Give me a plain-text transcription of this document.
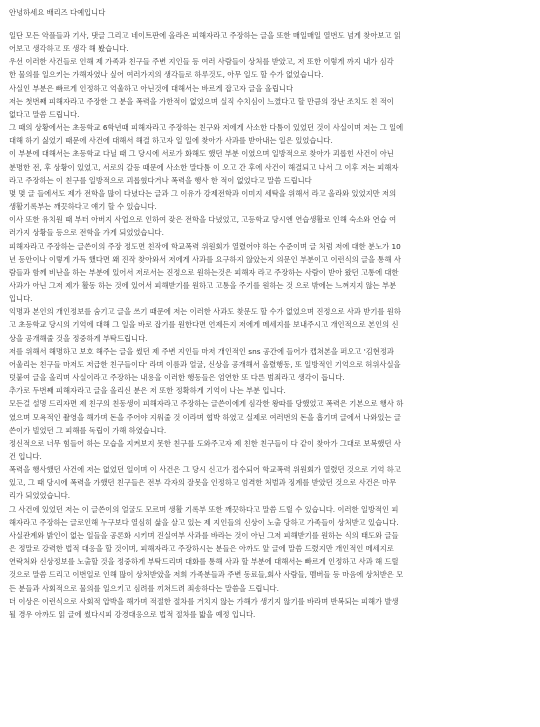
안녕하세요 배리즈 다예입니다

일단 모든 악플들과 기사, 댓글 그리고 네이트판에 올라온 피해자라고 주장하는 글을 또한 매일매일 열번도 넘게 찾아보고 읽
어보고 생각하고 또 생각 해 봤습니다.
우선 이러한 사건들로 인해 제 가족과 친구들 주변 지인들 등 여러 사람들이 상처를 받았고, 저 또한 이렇게 까지 내가 심각
한 물의를 일으키는 가해자였나 싶어 여러가지의 생각들로 하루것도, 아무 일도 할 수가 없었습니다.
사실인 부분은 빠르게 인정하고 억울하고 아닌것에 대해서는 바르게 잡고자 글을 올립니다
저는 첫번째 피해자라고 주장한 그 분을 폭력을 가한적이 없었으며 실직 수치심이 느꼈다고 할 만큼의 장난 조치도 친 적이
없다고 말씀 드립니다.
그 때의 상황에서는 초등학교 6학년때 피해자라고 주장하는 친구와 저에게 사소한 다툼이 있었던 것이 사실이며 저는 그 일에
대해 하기 싫었기 때문에 사건에 대해서 해결 하고자 일 일에 찾아가 사과를 받아내는 일은 있었습니다.
이 부분에 대해서는 초등학교 다닐 때 그 당시에 서로가 화해도 했던 부분 이였으며 일방적으로 찾아가 괴롭힌 사건이 아닌
분명한 전, 후 상황이 있었고, 서로의 갈등 때문에 사소한 말다툼 이 오고 간 후에 사건이 해결되고 나서 그 이후 저는 피해자
라고 주장하는 이 친구를 일방적으로 괴롭혔다거나 폭력을 행사 한 적이 없었다고 말씀 드립니다
몇 몇 글 들에서도 제가 전학을 많이 다녔다는 글과 그 이유가 강제전학과 이미지 세탁을 위해서 라고 올라와 있었지만 저의
생활기록부는 깨끗하다고 얘기 할 수 있습니다.
이사 또한 유치원 때 부터 아버지 사업으로 인하여 잦은 전학을 다녔었고, 고등학교 당시엔 연습생활로 인해 숙소와 연습 여
러가지 상황들 등으로 전학을 가게 되었었습니다.
피해자라고 주장하는 글쓴이의 주장 정도면 친작에 학교폭력 위원회가 열렸어야 하는 수준이며 글 처럼 저에 대한 분노가 10
년 동안이나 이렇게 가득 했다면 왜 진작 찾아와서 저에게 사과를 요구하지 않았는지 의문인 부분이고 이런식의 글을 통해 사
람들과 함께 비난을 하는 부분에 있어서 저로서는 진정으로 원하는것은 피해자 라고 주장하는 사람이 받아 왔던 고통에 대한
사과가 아닌 그저 제가 활동 하는 것에 있어서 피해받기를 원하고 고통을 주기를 원하는 것 으로 밖에는 느껴지지 않는 부분
입니다.
익명과 본인의 개인정보를 숨기고 글을 쓰기 때문에 저는 이러한 사과도 찾문도 할 수가 없었으며 진정으로 사과 받기를 원하
고 초등학교 당시의 기억에 대해 그 일을 바로 잡기를 원한다면 언제든지 저에게 메세지를 보내주시고 개인적으로 본인의 신
상을 공개해줄 것을 정중하게 부탁드립니다.
저를 위해서 해명하고 보호 해주는 글을 썼던 제 주변 지인들 마저 개인적인 sns 공간에 들어가 캡쳐본을 퍼오고 '김현정과
어울리는 친구들 마저도 저급한 친구들이다' 라며 이름과 얼굴, 신상을 공개해서 올렸행동, 또 일방적인 기억으로 허위사실을
덧붙여 글을 올리며 사실이라고 주장하는 내용을 이러한 행동들은 엄연한 또 다른 범죄라고 생각이 듭니다.
추가로 두번째 피해자라고 글을 올리신 분은 저 또한 정확하게 기억이 나는 부분 입니다.
모든걸 설명 드리자면 제 친구의 친동생이 피해자라고 주장하는 글쓴이에게 심각한 왕따를 당했었고 폭력은 기본으로 행사 하
였으며 모욕적인 촬영을 해가며 돈을 주어야 지워줄 것 이라며 협박 하였고 실제로 여러번의 돈을 흡기며 글에서 나와있는 글
쓴이가 빌었던 그 피해를 독립이 가해 하였습니다.
정신적으로 너무 힘들어 하는 모습을 지켜보지 못한 친구를 도와주고자 제 친한 친구들이 다 같이 찾아가 그대로 보복했던 사
건 입니다.
폭력을 행사했던 사건에 저는 없었던 일이며 이 사건은 그 당시 신고가 접수되어 학교폭력 위원회가 열렸던 것으로 기억 하고
있고, 그 때 당시에 폭력을 가했던 친구들은 전부 각자의 잘못을 인정하고 엄격한 처벌과 징계를 받았던 것으로 사건은 마무
리가 되었었습니다.
그 사건에 있었던 저는 이 글쓴이의 얼굴도 모르며 생활 기록부 또한 깨끗하다고 말씀 드릴 수 있습니다. 이러한 일방적인 피
해자라고 주장하는 글로인해 누구보다 열심히 삶을 살고 있는 제 지인들의 신상이 노출 당하고 가족들이 상처받고 있습니다.
사실관계와 밝인이 없는 일들을 공론화 시키며 진실여부 사과를 바라는 것이 아닌 그저 피해받기를 원하는 식의 태도와 글들
은 정말로 강력한 법적 대응을 할 것이며, 피해자라고 주장하시는 분들은 아까도 앞 글에 말씀 드렸지만 개인적인 메세지로
연락처와 신상정보를 노출할 것을 정중하게 부탁드리며 대화를 통해 사과 할 부분에 대해서는 빠르게 인정하고 사과 해 드릴
것으로 말씀 드리고 이번일로 인해 많이 상처받았을 저희 가족분들과 주변 동료들,회사 사람들, 멤버들 등 마음에 상처받은 모
든 분들과 사회적으로 물의를 일으키고 심려를 끼쳐드려 죄송하다는 말씀을 드립니다.
더 이상은 이런식으로 사회적 압박을 해가며 적절한 절차를 거치지 않는 가해가 생기지 않기를 바라며 반복되는 피해가 발생
될 경우 아까도 읽 글에 썼다시피 강경대응으로 법적 절차를 밟을 예정 입니다.
